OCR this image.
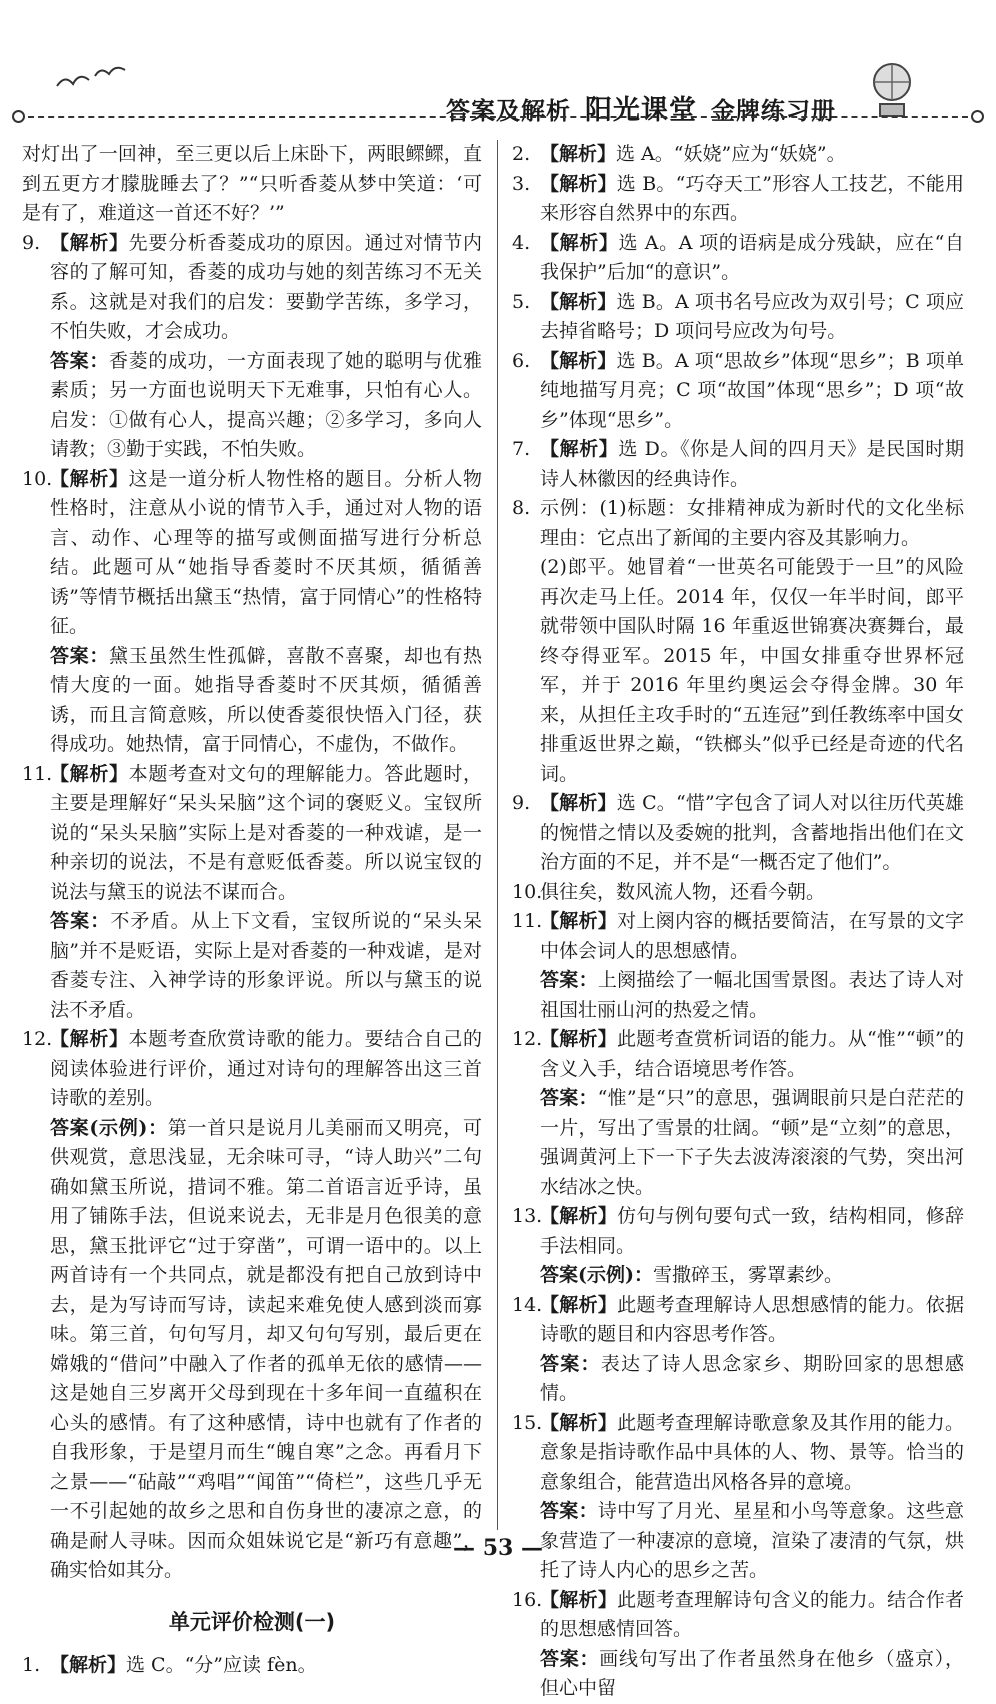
答案及解析 阳光课堂 金牌练习册

对灯出了一回神，至三更以后上床卧下，两眼鳏鳏，直到五更方才朦胧睡去了？”“只听香菱从梦中笑道：‘可是有了，难道这一首还不好？’”

9. 【解析】先要分析香菱成功的原因。通过对情节内容的了解可知，香菱的成功与她的刻苦练习不无关系。这就是对我们的启发：要勤学苦练，多学习，不怕失败，才会成功。
答案：香菱的成功，一方面表现了她的聪明与优雅素质；另一方面也说明天下无难事，只怕有心人。启发：①做有心人，提高兴趣；②多学习，多向人请教；③勤于实践，不怕失败。
10.
【解析】这是一道分析人物性格的题目。分析人物性格时，注意从小说的情节入手，通过对人物的语言、动作、心理等的描写或侧面描写进行分析总结。此题可从“她指导香菱时不厌其烦，循循善诱”等情节概括出黛玉“热情，富于同情心”的性格特征。
答案：黛玉虽然生性孤僻，喜散不喜聚，却也有热情大度的一面。她指导香菱时不厌其烦，循循善诱，而且言简意赅，所以使香菱很快悟入门径，获得成功。她热情，富于同情心，不虚伪，不做作。
11.
【解析】本题考查对文句的理解能力。答此题时，主要是理解好“呆头呆脑”这个词的褒贬义。宝钗所说的“呆头呆脑”实际上是对香菱的一种戏谑，是一种亲切的说法，不是有意贬低香菱。所以说宝钗的说法与黛玉的说法不谋而合。
答案：不矛盾。从上下文看，宝钗所说的“呆头呆脑”并不是贬语，实际上是对香菱的一种戏谑，是对香菱专注、入神学诗的形象评说。所以与黛玉的说法不矛盾。
12.
【解析】本题考查欣赏诗歌的能力。要结合自己的阅读体验进行评价，通过对诗句的理解答出这三首诗歌的差别。
答案(示例)：第一首只是说月儿美丽而又明亮，可供观赏，意思浅显，无余味可寻，“诗人助兴”二句确如黛玉所说，措词不雅。第二首语言近乎诗，虽用了铺陈手法，但说来说去，无非是月色很美的意思，黛玉批评它“过于穿凿”，可谓一语中的。以上两首诗有一个共同点，就是都没有把自己放到诗中去，是为写诗而写诗，读起来难免使人感到淡而寡味。第三首，句句写月，却又句句写别，最后更在嫦娥的“借问”中融入了作者的孤单无依的感情——这是她自三岁离开父母到现在十多年间一直蕴积在心头的感情。有了这种感情，诗中也就有了作者的自我形象，于是望月而生“魄自寒”之念。再看月下之景——“砧敲”“鸡唱”“闻笛”“倚栏”，这些几乎无一不引起她的故乡之思和自伤身世的凄凉之意，的确是耐人寻味。因而众姐妹说它是“新巧有意趣”，确实恰如其分。
单元评价检测(一)
1. 【解析】选 C。“分”应读 fèn。
2. 【解析】选 A。“妖娆”应为“妖娆”。
3. 【解析】选 B。“巧夺天工”形容人工技艺，不能用来形容自然界中的东西。
4. 【解析】选 A。A 项的语病是成分残缺，应在“自我保护”后加“的意识”。
5. 【解析】选 B。A 项书名号应改为双引号；C 项应去掉省略号；D 项问号应改为句号。
6. 【解析】选 B。A 项“思故乡”体现“思乡”；B 项单纯地描写月亮；C 项“故国”体现“思乡”；D 项“故乡”体现“思乡”。
7. 【解析】选 D。《你是人间的四月天》是民国时期诗人林徽因的经典诗作。
8. 示例：(1)标题：女排精神成为新时代的文化坐标　理由：它点出了新闻的主要内容及其影响力。
(2)郎平。她冒着“一世英名可能毁于一旦”的风险再次走马上任。2014 年，仅仅一年半时间，郎平就带领中国队时隔 16 年重返世锦赛决赛舞台，最终夺得亚军。2015 年，中国女排重夺世界杯冠军，并于 2016 年里约奥运会夺得金牌。30 年来，从担任主攻手时的“五连冠”到任教练率中国女排重返世界之巅，“铁榔头”似乎已经是奇迹的代名词。
9. 【解析】选 C。“惜”字包含了词人对以往历代英雄的惋惜之情以及委婉的批判，含蓄地指出他们在文治方面的不足，并不是“一概否定了他们”。
10.
俱往矣，数风流人物，还看今朝。
11.
【解析】对上阕内容的概括要简洁，在写景的文字中体会词人的思想感情。
答案：上阕描绘了一幅北国雪景图。表达了诗人对祖国壮丽山河的热爱之情。
12.
【解析】此题考查赏析词语的能力。从“惟”“顿”的含义入手，结合语境思考作答。
答案：“惟”是“只”的意思，强调眼前只是白茫茫的一片，写出了雪景的壮阔。“顿”是“立刻”的意思，强调黄河上下一下子失去波涛滚滚的气势，突出河水结冰之快。
13.
【解析】仿句与例句要句式一致，结构相同，修辞手法相同。
答案(示例)：雪撒碎玉，雾罩素纱。
14.
【解析】此题考查理解诗人思想感情的能力。依据诗歌的题目和内容思考作答。
答案：表达了诗人思念家乡、期盼回家的思想感情。
15.
【解析】此题考查理解诗歌意象及其作用的能力。意象是指诗歌作品中具体的人、物、景等。恰当的意象组合，能营造出风格各异的意境。
答案：诗中写了月光、星星和小鸟等意象。这些意象营造了一种凄凉的意境，渲染了凄清的气氛，烘托了诗人内心的思乡之苦。
16.
【解析】此题考查理解诗句含义的能力。结合作者的思想感情回答。
答案：画线句写出了作者虽然身在他乡（盛京），但心中留
— 53 —
